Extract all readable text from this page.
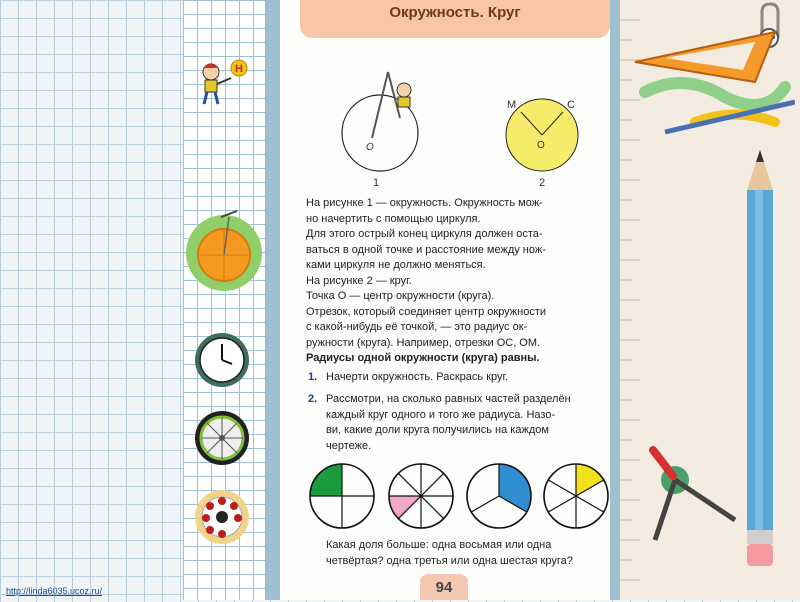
Н
Окружность. Круг
О
1
М	С
О
2
На рисунке 1 — окружность. Окружность мож-
но начертить с помощью циркуля.
Для этого острый конец циркуля должен оста-
ваться в одной точке и расстояние между нож-
ками циркуля не должно меняться.
На рисунке 2 — круг.
Точка О — центр окружности (круга).
Отрезок, который соединяет центр окружности
с какой-нибудь её точкой, — это радиус ок-
ружности (круга). Например, отрезки ОС, ОМ.
Радиусы одной окружности (круга) равны.
1. Начерти окружность. Раскрась круг.
2. Рассмотри, на сколько равных частей разделён
каждый круг одного и того же радиуса. Назо-
ви, какие доли круга получились на каждом
чертеже.
Какая доля больше: одна восьмая или одна
четвёртая? одна третья или одна шестая круга?
94
http://linda6035.ucoz.ru/
